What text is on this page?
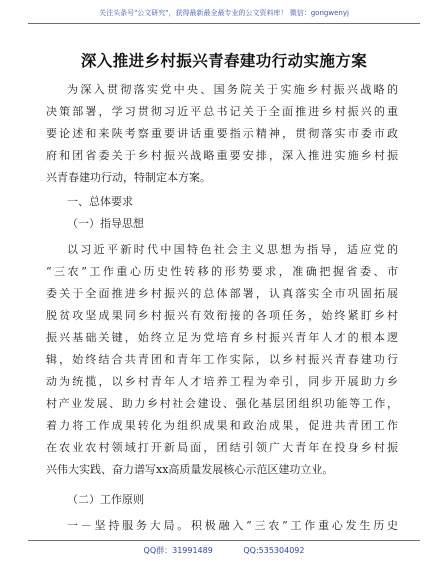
关注头条号"公文研究"，获得最新最全最专业的公文资料库！ 微信：gongwenyj
深入推进乡村振兴青春建功行动实施方案
为深入贯彻落实党中央、国务院关于实施乡村振兴战略的
决策部署，学习贯彻习近平总书记关于全面推进乡村振兴的重
要论述和来陕考察重要讲话重要指示精神，贯彻落实市委市政
府和团省委关于乡村振兴战略重要安排，深入推进实施乡村振
兴青春建功行动，特制定本方案。
一、总体要求
（一）指导思想
以习近平新时代中国特色社会主义思想为指导，适应党的
“三农”工作重心历史性转移的形势要求，准确把握省委、市
委关于全面推进乡村振兴的总体部署，认真落实全市巩固拓展
脱贫攻坚成果同乡村振兴有效衔接的各项任务，始终紧盯乡村
振兴基础关键，始终立足为党培育乡村振兴青年人才的根本逻
辑，始终结合共青团和青年工作实际，以乡村振兴青春建功行
动为统揽，以乡村青年人才培养工程为牵引，同步开展助力乡
村产业发展、助力乡村社会建设、强化基层团组织功能等工作，
着力将工作成果转化为组织成果和政治成果，促进共青团工作
在农业农村领域打开新局面，团结引领广大青年在投身乡村振
兴伟大实践、奋力谱写xx高质量发展核心示范区建功立业。
（二）工作原则
一－坚持服务大局。积极融入“三农”工作重心发生历史
QQ群：31991489	QQ:535304092
